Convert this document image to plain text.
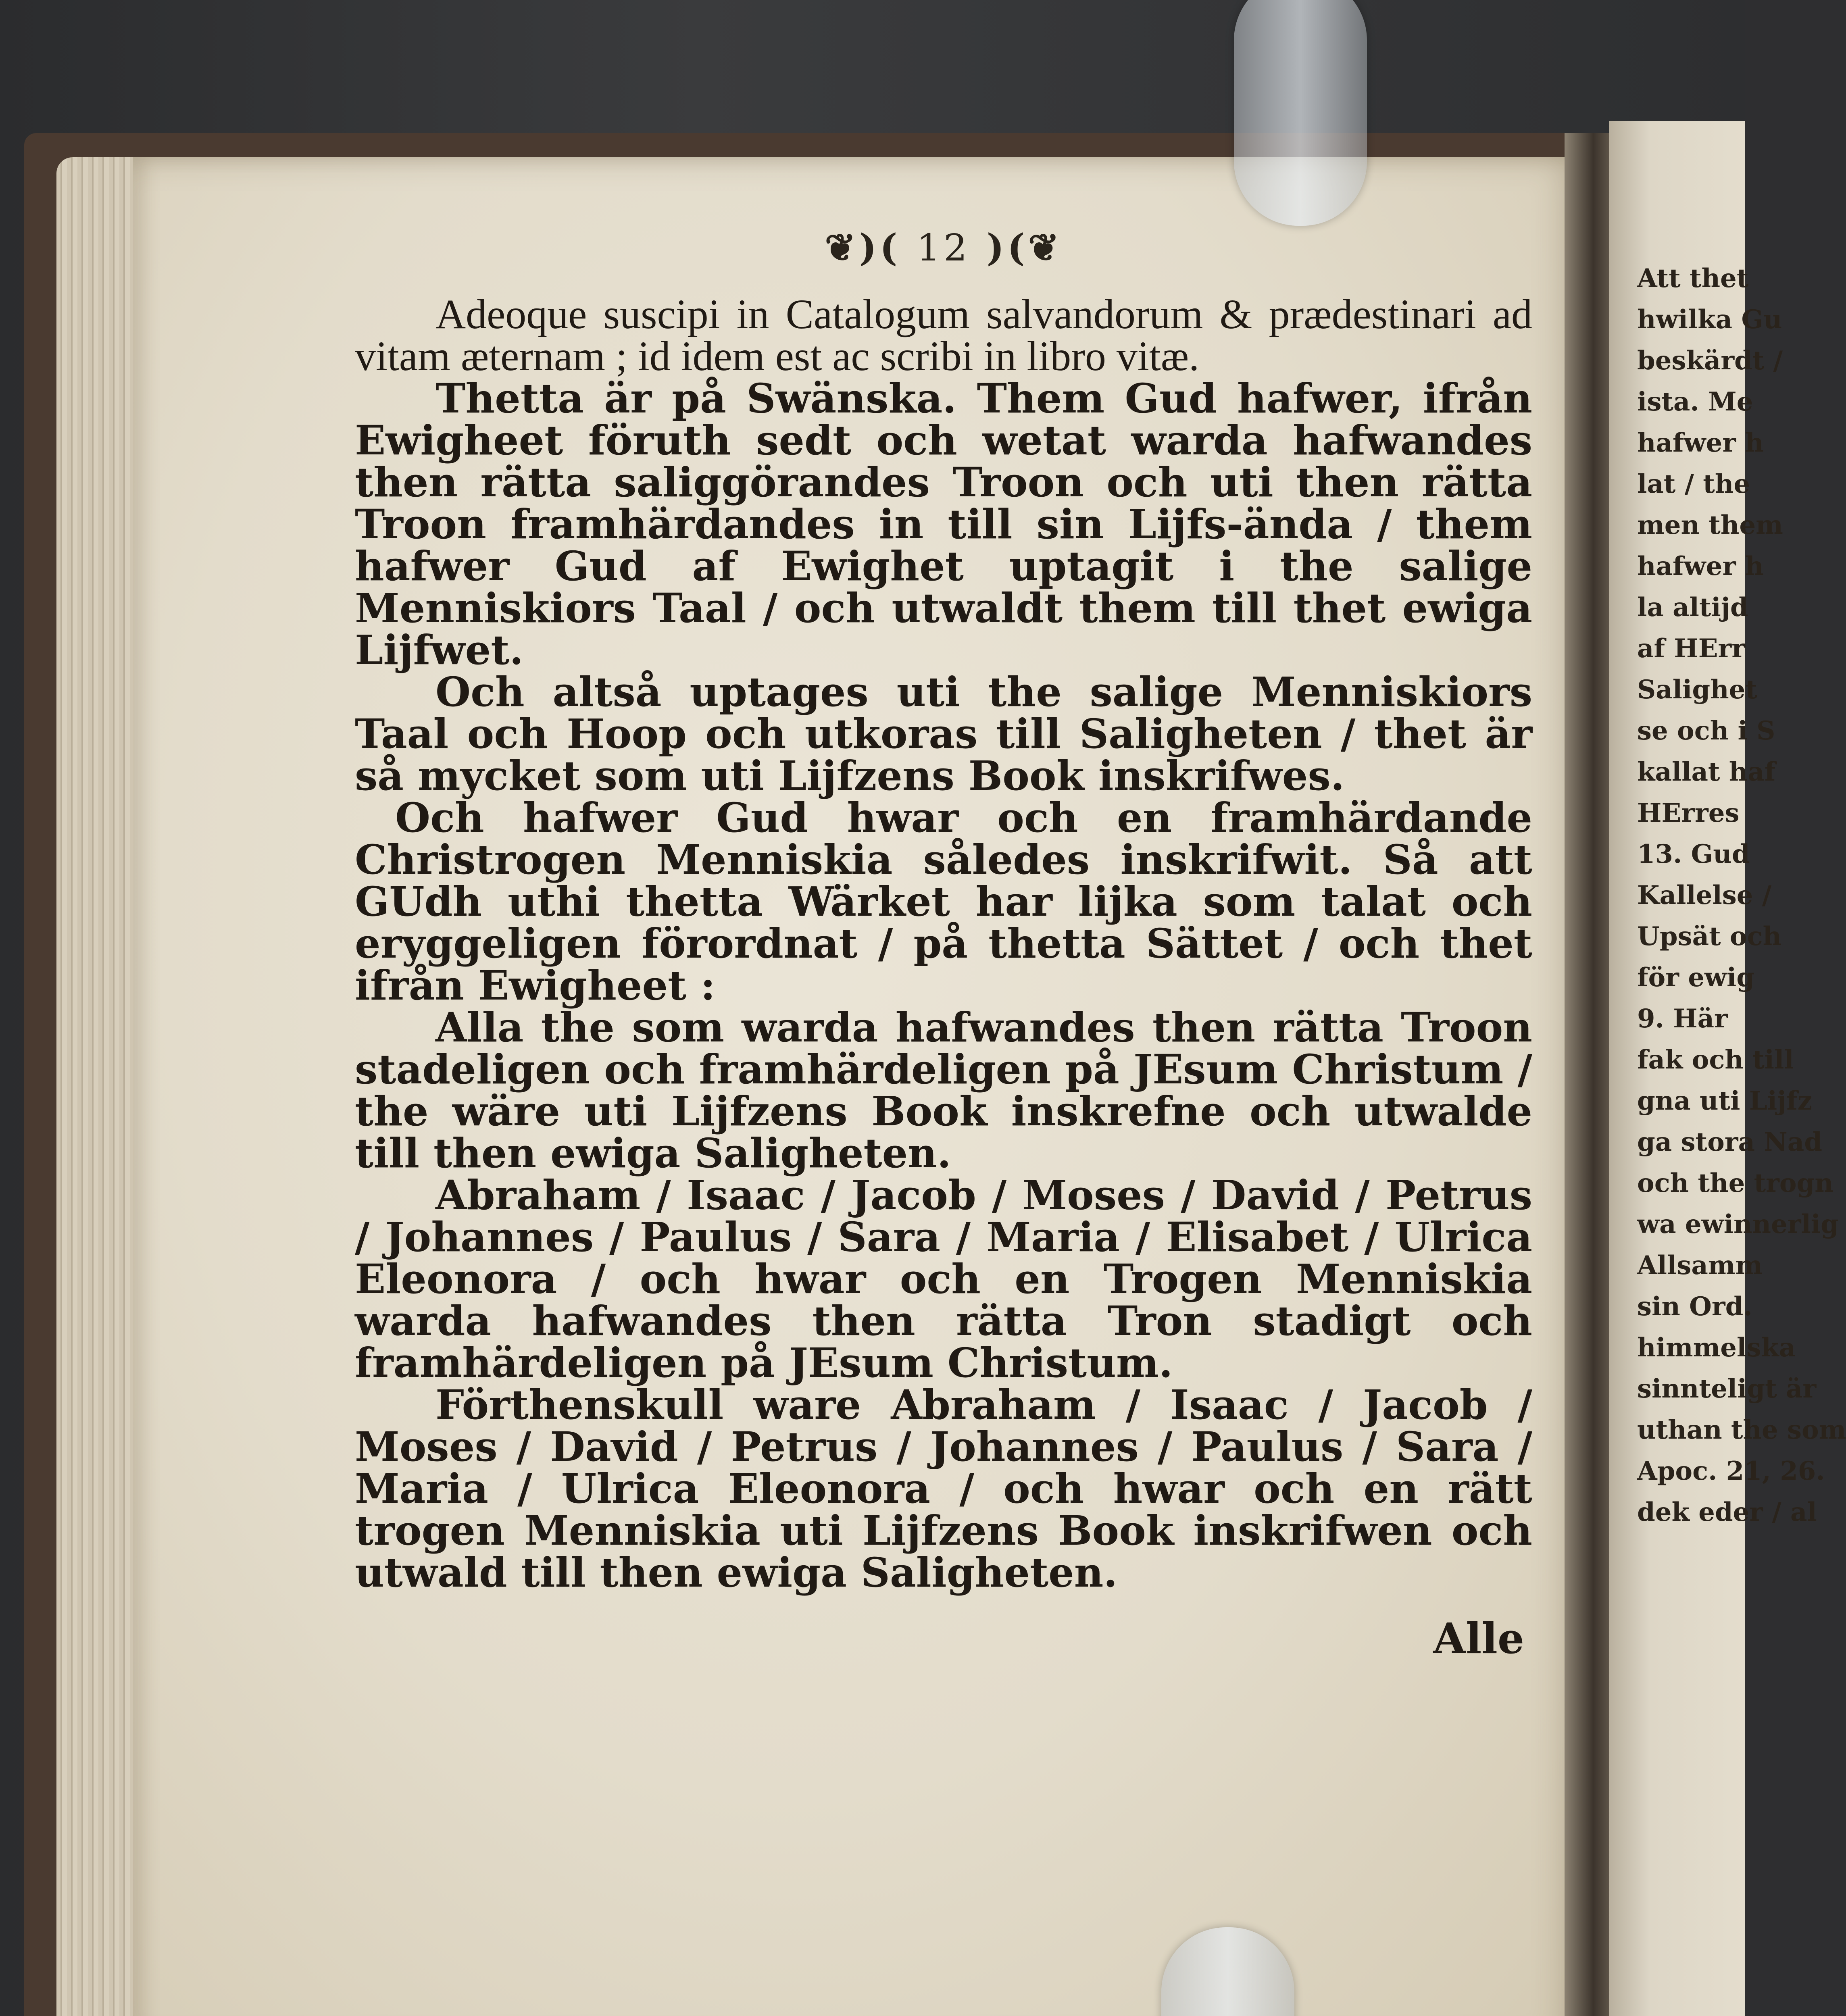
❦)( 12 )(❦

Adeoque suscipi in Catalogum salvandorum & prædestinari ad vitam æternam ; id idem est ac scribi in libro vitæ.

Thetta är på Swänska. Them Gud hafwer, ifrån Ewigheet föruth sedt och wetat warda hafwandes then rätta saliggörandes Troon och uti then rätta Troon framhärdandes in till sin Lijfs-ända / them hafwer Gud af Ewighet uptagit i the salige Menniskiors Taal / och utwaldt them till thet ewiga Lijfwet.

Och altså uptages uti the salige Menniskiors Taal och Hoop och utkoras till Saligheten / thet är så mycket som uti Lijfzens Book inskrifwes.

Och hafwer Gud hwar och en framhärdande Christrogen Menniskia således inskrifwit. Så att GUdh uthi thetta Wärket har lijka som talat och eryggeligen förordnat / på thetta Sättet / och thet ifrån Ewigheet :

Alla the som warda hafwandes then rätta Troon stadeligen och framhärdeligen på JEsum Christum / the wäre uti Lijfzens Book inskrefne och utwalde till then ewiga Saligheten.

Abraham / Isaac / Jacob / Moses / David / Petrus / Johannes / Paulus / Sara / Maria / Elisabet / Ulrica Eleonora / och hwar och en Trogen Menniskia warda hafwandes then rätta Tron stadigt och framhärdeligen på JEsum Christum.

Förthenskull ware Abraham / Isaac / Jacob / Moses / David / Petrus / Johannes / Paulus / Sara / Maria / Ulrica Eleonora / och hwar och en rätt trogen Menniskia uti Lijfzens Book inskrifwen och utwald till then ewiga Saligheten.

Alle
Att thet
hwilka Gu
beskärdt /
ista. Me
hafwer h
lat / the
men them
hafwer h
la altijd
af HErr
Salighet
se och i S
kallat haf
HErres
13. Gud
Kallelse /
Upsät och
för ewig
9. Här
fak och till
gna uti Lijfz
ga stora Nad
och the trogn
wa ewinnerlig
Allsamm
sin Ord.
himmelska
sinnteligt är
uthan the som
Apoc. 21, 26.
dek eder / al
